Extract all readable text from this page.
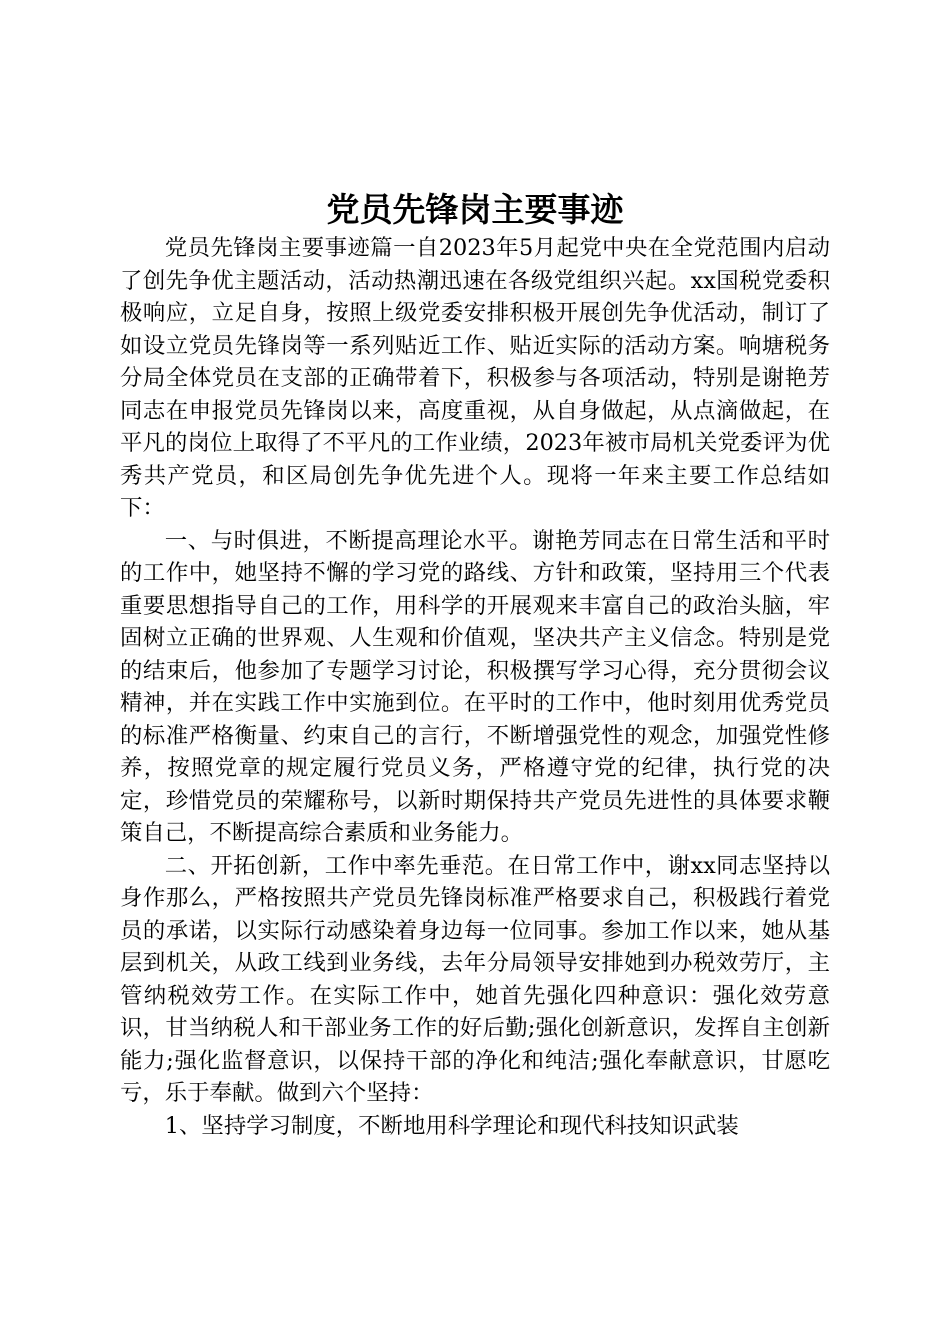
党员先锋岗主要事迹

党员先锋岗主要事迹篇一自2023年5月起党中央在全党范围内启动了创先争优主题活动，活动热潮迅速在各级党组织兴起。xx国税党委积极响应，立足自身，按照上级党委安排积极开展创先争优活动，制订了如设立党员先锋岗等一系列贴近工作、贴近实际的活动方案。响塘税务分局全体党员在支部的正确带着下，积极参与各项活动，特别是谢艳芳同志在申报党员先锋岗以来，高度重视，从自身做起，从点滴做起，在平凡的岗位上取得了不平凡的工作业绩，2023年被市局机关党委评为优秀共产党员，和区局创先争优先进个人。现将一年来主要工作总结如下：

一、与时俱进，不断提高理论水平。谢艳芳同志在日常生活和平时的工作中，她坚持不懈的学习党的路线、方针和政策，坚持用三个代表重要思想指导自己的工作，用科学的开展观来丰富自己的政治头脑，牢固树立正确的世界观、人生观和价值观，坚决共产主义信念。特别是党的结束后，他参加了专题学习讨论，积极撰写学习心得，充分贯彻会议精神，并在实践工作中实施到位。在平时的工作中，他时刻用优秀党员的标准严格衡量、约束自己的言行，不断增强党性的观念，加强党性修养，按照党章的规定履行党员义务，严格遵守党的纪律，执行党的决定，珍惜党员的荣耀称号，以新时期保持共产党员先进性的具体要求鞭策自己，不断提高综合素质和业务能力。

二、开拓创新，工作中率先垂范。在日常工作中，谢xx同志坚持以身作那么，严格按照共产党员先锋岗标准严格要求自己，积极践行着党员的承诺，以实际行动感染着身边每一位同事。参加工作以来，她从基层到机关，从政工线到业务线，去年分局领导安排她到办税效劳厅，主管纳税效劳工作。在实际工作中，她首先强化四种意识：强化效劳意识，甘当纳税人和干部业务工作的好后勤;强化创新意识，发挥自主创新能力;强化监督意识，以保持干部的净化和纯洁;强化奉献意识，甘愿吃亏，乐于奉献。做到六个坚持：

1、坚持学习制度，不断地用科学理论和现代科技知识武装
